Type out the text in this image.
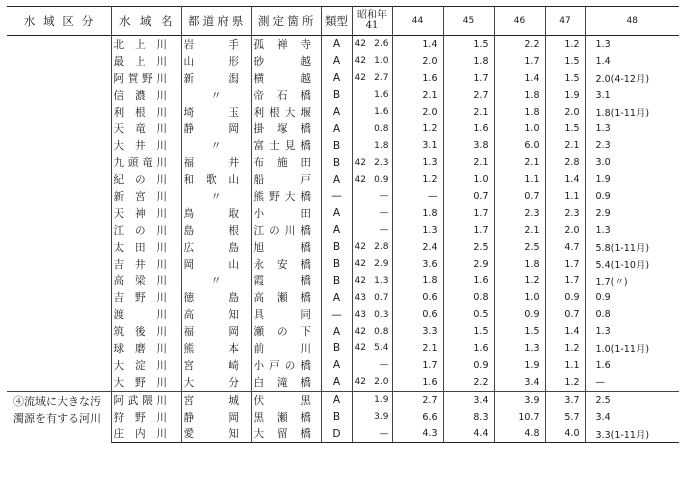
水域区分	水域名	都道府県	測定箇所	類型	昭和年
41		44	45	46	47	48
	北上川	岩手	孤禅寺	A	42	2.6	1.4	1.5	2.2	1.2	1.3
	最上川	山形	砂越	A	42	1.0	2.0	1.8	1.7	1.5	1.4
	阿賀野川	新潟	横越	A	42	2.7	1.6	1.7	1.4	1.5	2.0(4-12月)
	信濃川	〃	帝石橋	B		1.6	2.1	2.7	1.8	1.9	3.1
	利根川	埼玉	利根大堰	A		1.6	2.0	2.1	1.8	2.0	1.8(1-11月)
	天竜川	静岡	掛塚橋	A		0.8	1.2	1.6	1.0	1.5	1.3
	大井川	〃	富士見橋	B		1.8	3.1	3.8	6.0	2.1	2.3
	九頭竜川	福井	布施田	B	42	2.3	1.3	2.1	2.1	2.8	3.0
	紀の川	和歌山	船戸	A	42	0.9	1.2	1.0	1.1	1.4	1.9
	新宮川	〃	熊野大橋	—		—	—	0.7	0.7	1.1	0.9
	天神川	鳥取	小田	A		—	1.8	1.7	2.3	2.3	2.9
	江の川	島根	江の川橋	A		—	1.3	1.7	2.1	2.0	1.3
	太田川	広島	旭橋	B	42	2.8	2.4	2.5	2.5	4.7	5.8(1-11月)
	吉井川	岡山	永安橋	B	42	2.9	3.6	2.9	1.8	1.7	5.4(1-10月)
	高梁川	〃	霞橋	B	42	1.3	1.8	1.6	1.2	1.7	1.7(〃)
	吉野川	徳島	高瀬橋	A	43	0.7	0.6	0.8	1.0	0.9	0.9
	渡川	高知	具同	—	43	0.3	0.6	0.5	0.9	0.7	0.8
	筑後川	福岡	瀬の下	A	42	0.8	3.3	1.5	1.5	1.4	1.3
	球磨川	熊本	前川	B	42	5.4	2.1	1.6	1.3	1.2	1.0(1-11月)
	大淀川	宮崎	小戸の橋	A		—	1.7	0.9	1.9	1.1	1.6
	大野川	大分	白滝橋	A	42	2.0	1.6	2.2	3.4	1.2	—
④流域に大きな汚濁源を有する河川	阿武隈川	宮城	伏黒	A		1.9	2.7	3.4	3.9	3.7	2.5
	狩野川	静岡	黒瀬橋	B		3.9	6.6	8.3	10.7	5.7	3.4
	庄内川	愛知	大留橋	D		—	4.3	4.4	4.8	4.0	3.3(1-11月)
